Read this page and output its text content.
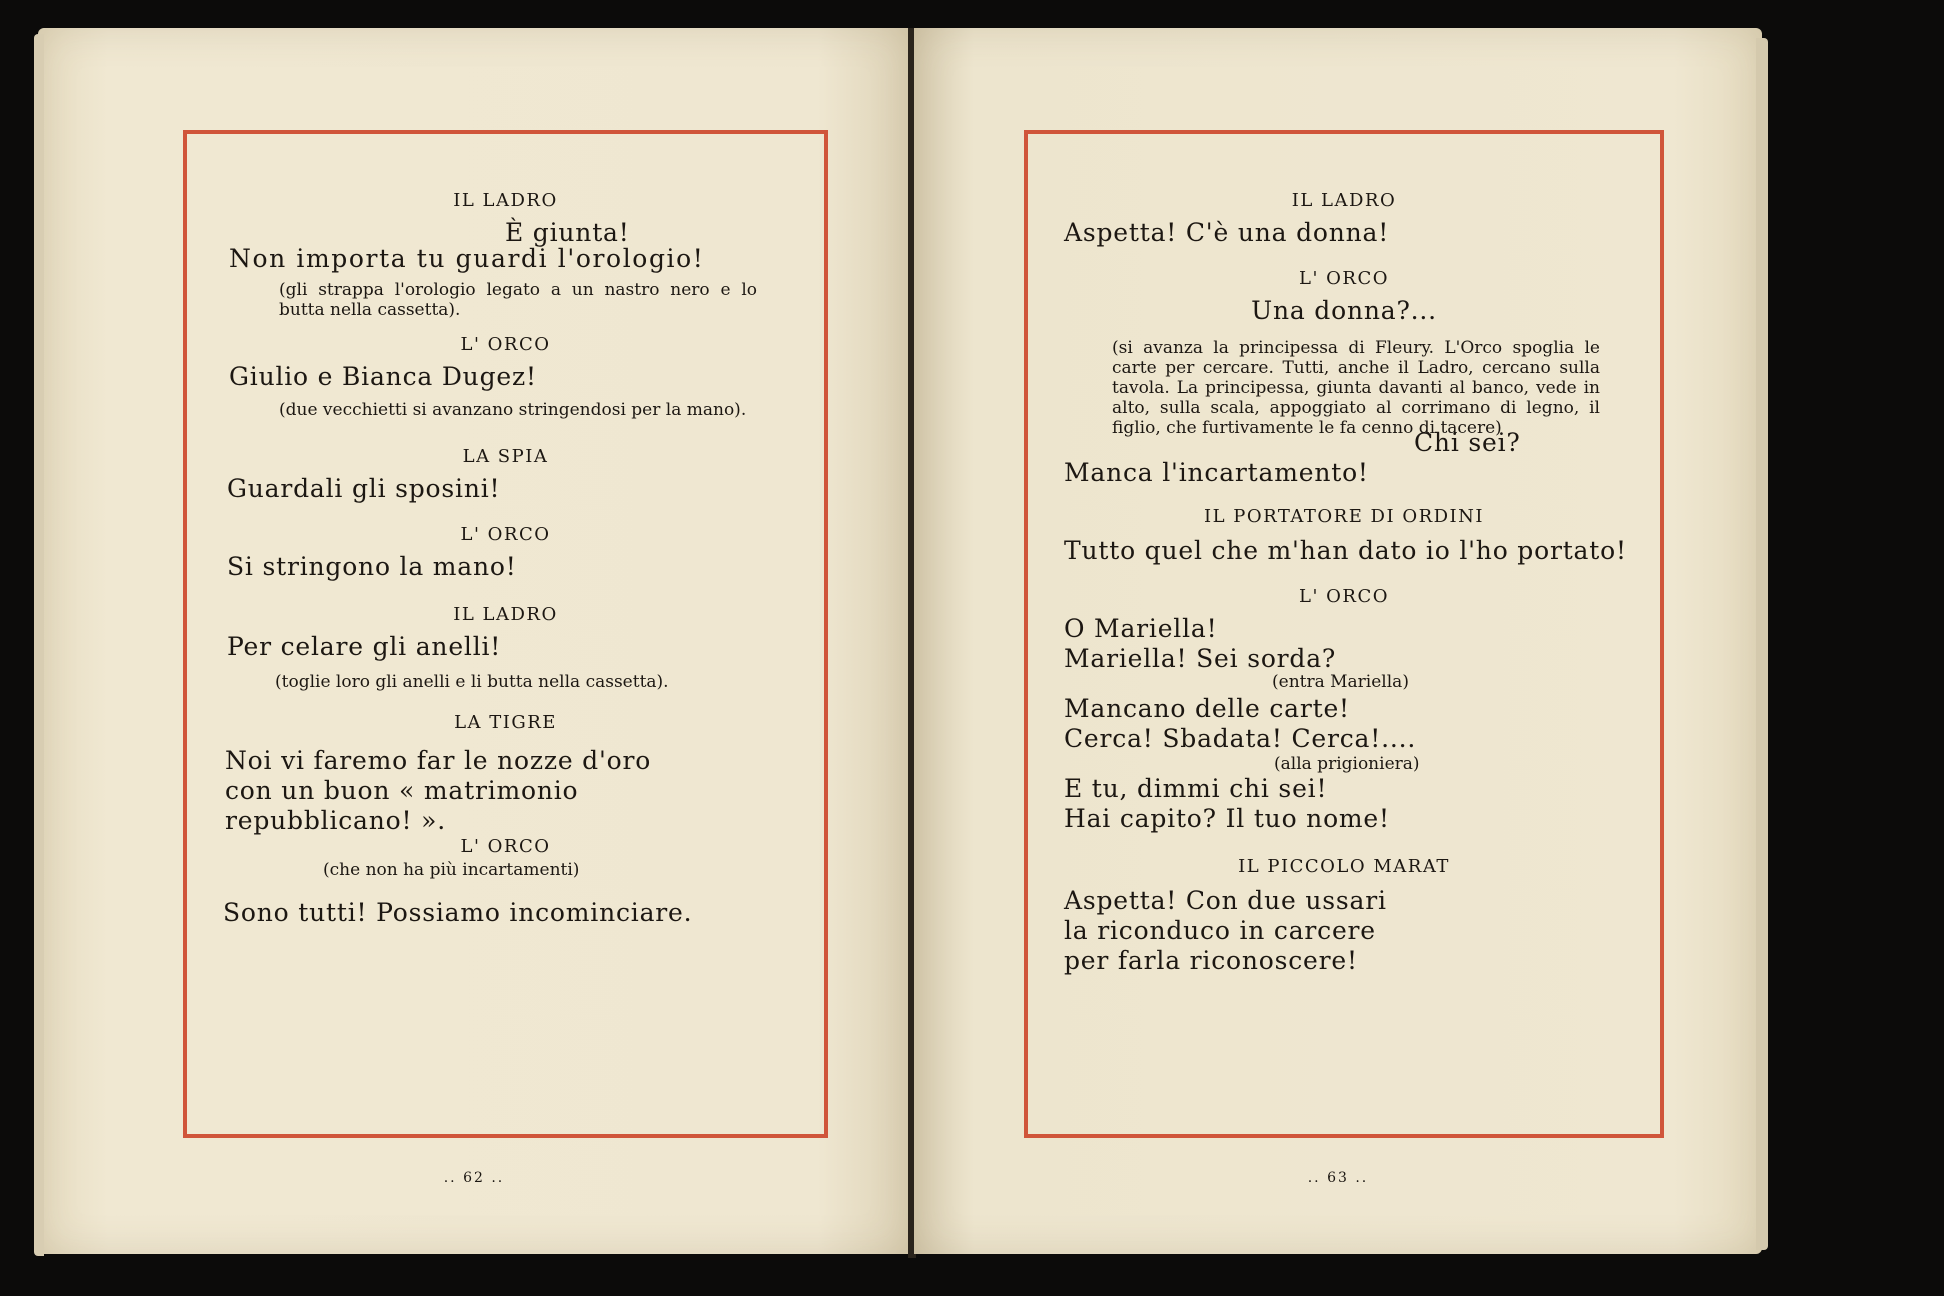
IL LADRO
È giunta!
Non importa tu guardi l'orologio!
(gli strappa l'orologio legato a un nastro nero e lo butta nella cassetta).
L' ORCO
Giulio e Bianca Dugez!
(due vecchietti si avanzano stringendosi per la mano).
LA SPIA
Guardali gli sposini!
L' ORCO
Si stringono la mano!
IL LADRO
Per celare gli anelli!
(toglie loro gli anelli e li butta nella cassetta).
LA TIGRE
Noi vi faremo far le nozze d'oro
con un buon « matrimonio
repubblicano! ».
L' ORCO
(che non ha più incartamenti)
Sono tutti! Possiamo incominciare.
.. 62 ..
IL LADRO
Aspetta! C'è una donna!
L' ORCO
Una donna?...
(si avanza la principessa di Fleury. L'Orco spoglia le carte per cercare. Tutti, anche il Ladro, cercano sulla tavola. La principessa, giunta davanti al banco, vede in alto, sulla scala, appoggiato al corrimano di legno, il figlio, che furtivamente le fa cenno di tacere)
Chi sei?
Manca l'incartamento!
IL PORTATORE DI ORDINI
Tutto quel che m'han dato io l'ho portato!
L' ORCO
O Mariella!
Mariella! Sei sorda?
(entra Mariella)
Mancano delle carte!
Cerca! Sbadata! Cerca!....
(alla prigioniera)
E tu, dimmi chi sei!
Hai capito? Il tuo nome!
IL PICCOLO MARAT
Aspetta! Con due ussari
la riconduco in carcere
per farla riconoscere!
.. 63 ..
